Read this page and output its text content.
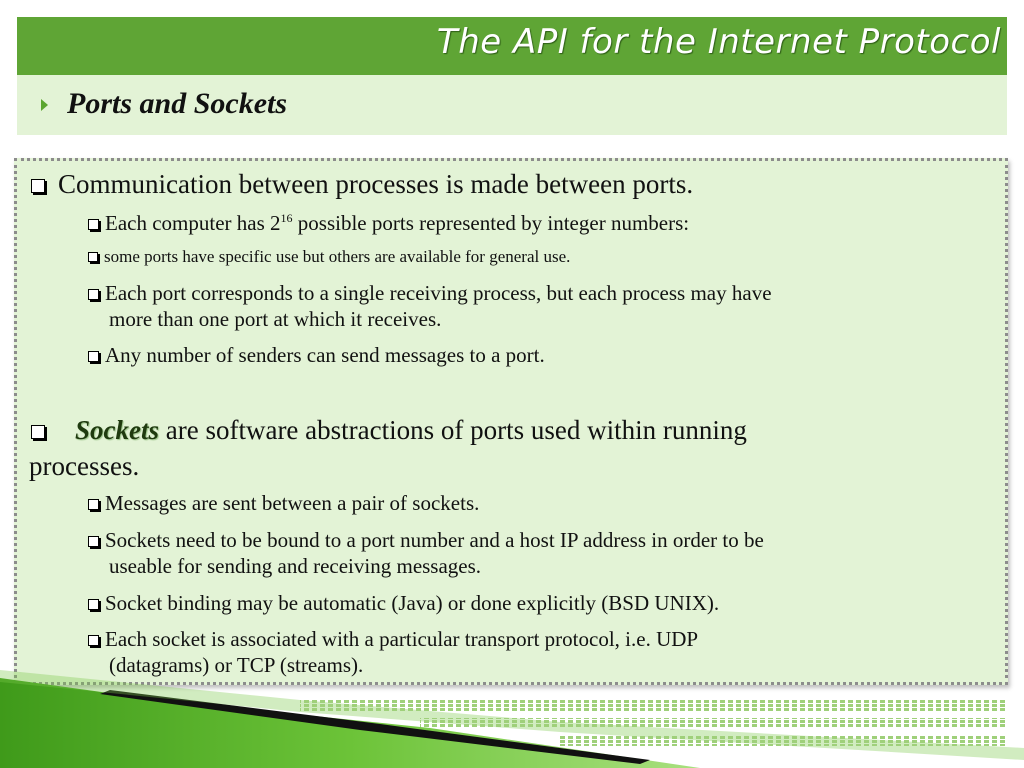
The API for the Internet Protocol
Ports and Sockets
Communication between processes is made between ports.
Each computer has $2^{16}$ possible ports represented by integer numbers:
some ports have specific use but others are available for general use.
Each port corresponds to a single receiving process, but each process may have
more than one port at which it receives.
Any number of senders can send messages to a port.
Sockets are software abstractions of ports used within running
processes.
Messages are sent between a pair of sockets.
Sockets need to be bound to a port number and a host IP address in order to be
useable for sending and receiving messages.
Socket binding may be automatic (Java) or done explicitly (BSD UNIX).
Each socket is associated with a particular transport protocol, i.e. UDP
(datagrams) or TCP (streams).
